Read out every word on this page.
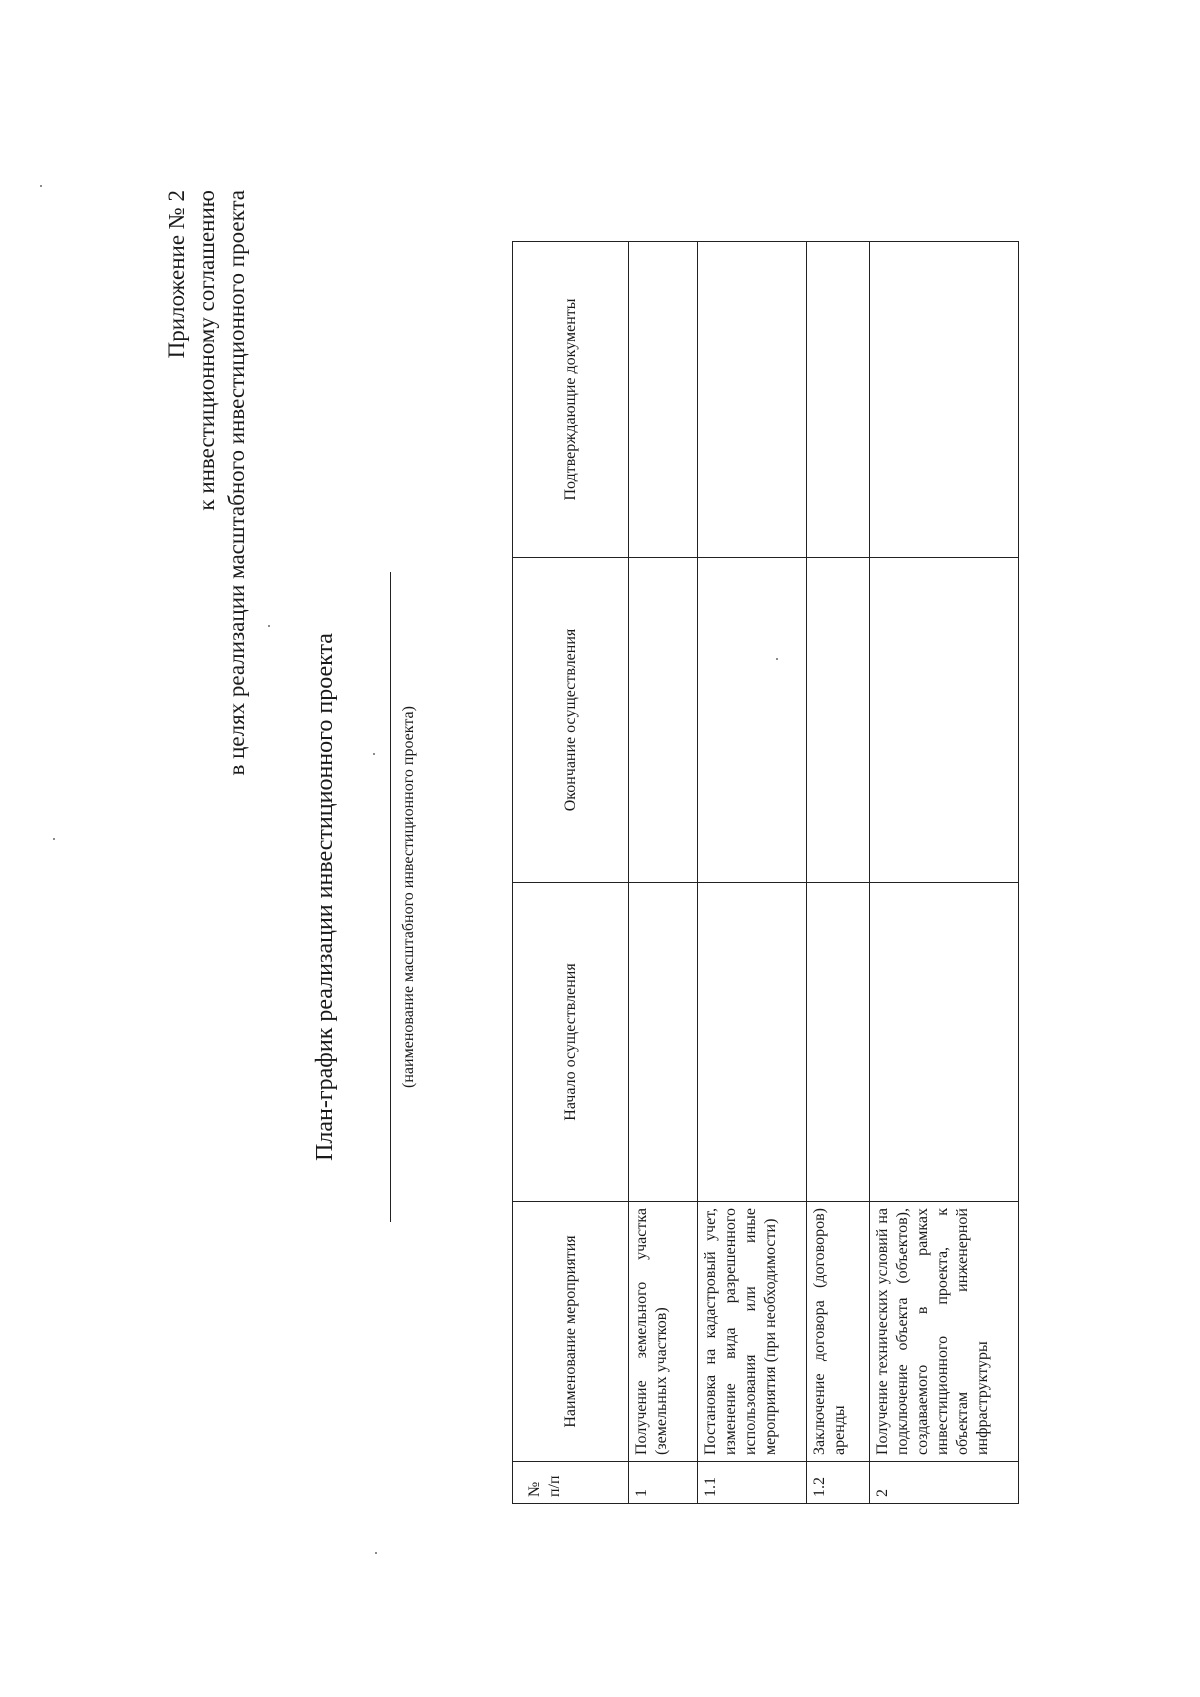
Приложение № 2 к инвестиционному соглашению в целях реализации масштабного инвестиционного проекта
План-график реализации инвестиционного проекта	(наименование масштабного инвестиционного проекта)
№ п/п	Наименование мероприятия	Начало осуществления	Окончание осуществления	Подтверждающие документы
1	Получение земельного участка (земельных участков)			
1.1	Постановка на кадастровый учет, изменение вида разрешенного использования или иные мероприятия (при необходимости)			
1.2	Заключение договора (договоров) аренды			
2	Получение технических условий на подключение объекта (объектов), создаваемого в рамках инвестиционного проекта, к объектам инженерной инфраструктуры			
